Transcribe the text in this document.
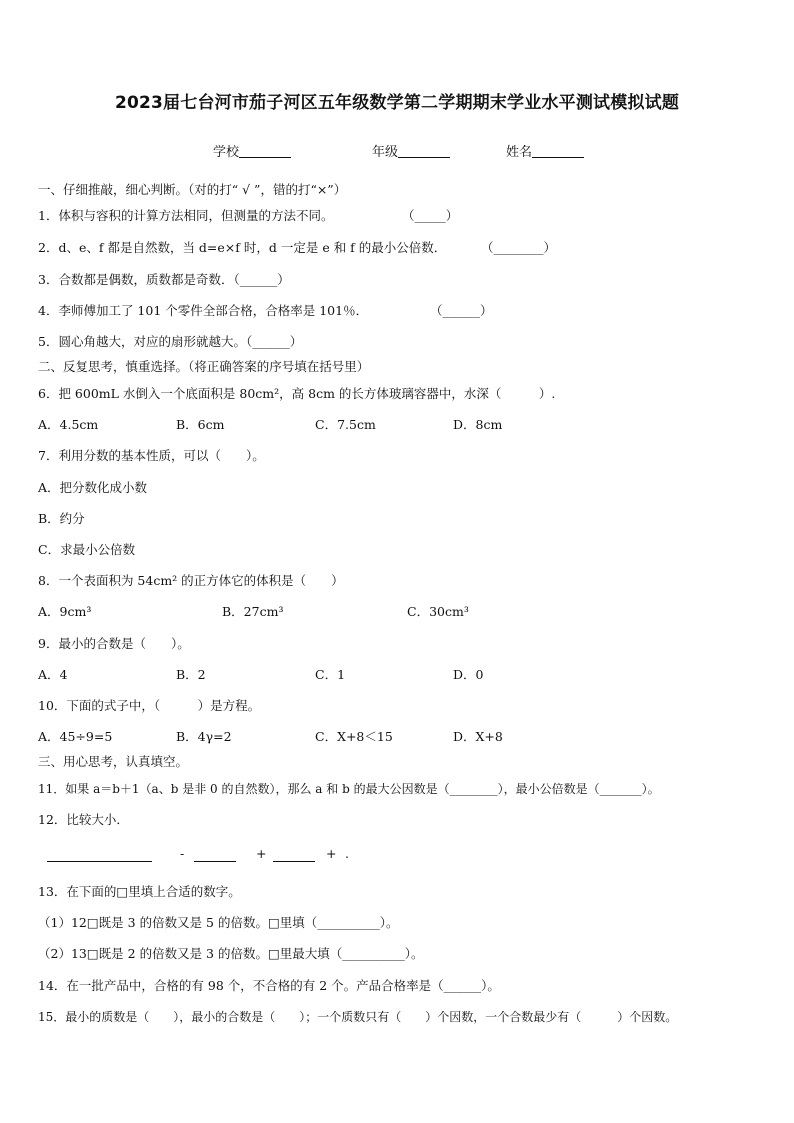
2023届七台河市茄子河区五年级数学第二学期期末学业水平测试模拟试题
学校	年级	姓名
一、仔细推敲，细心判断。（对的打“ √ ”，错的打“×”）
1．体积与容积的计算方法相同，但测量的方法不同。	（_____）
2．d、e、f 都是自然数，当 d=e×f 时，d 一定是 e 和 f 的最小公倍数．	（________）
3．合数都是偶数，质数都是奇数．（______）
4．李师傅加工了 101 个零件全部合格，合格率是 101％．	（______）
5．圆心角越大，对应的扇形就越大。（______）
二、反复思考，慎重选择。（将正确答案的序号填在括号里）
6．把 600mL 水倒入一个底面积是 80cm²，高 8cm 的长方体玻璃容器中，水深（　　　）.
A．4.5cm	B．6cm	C．7.5cm	D．8cm
7．利用分数的基本性质，可以（　　）。
A．把分数化成小数
B．约分
C．求最小公倍数
8．一个表面积为 54cm² 的正方体它的体积是（　　）
A．9cm³	B．27cm³	C．30cm³
9．最小的合数是（　　）。
A．4	B．2	C．1	D．0
10．下面的式子中，（　　　）是方程。
A．45÷9=5	B．4γ=2	C．X+8＜15	D．X+8
三、用心思考，认真填空。
11．如果 a＝b＋1（a、b 是非 0 的自然数），那么 a 和 b 的最大公因数是（________），最小公倍数是（_______）。
12．比较大小．
-	+	+ .
13．在下面的□里填上合适的数字。
（1）12□既是 3 的倍数又是 5 的倍数。□里填（__________）。
（2）13□既是 2 的倍数又是 3 的倍数。□里最大填（__________）。
14．在一批产品中，合格的有 98 个，不合格的有 2 个。产品合格率是（______）。
15．最小的质数是（　　），最小的合数是（　　）；一个质数只有（　　）个因数，一个合数最少有（　　　）个因数。
